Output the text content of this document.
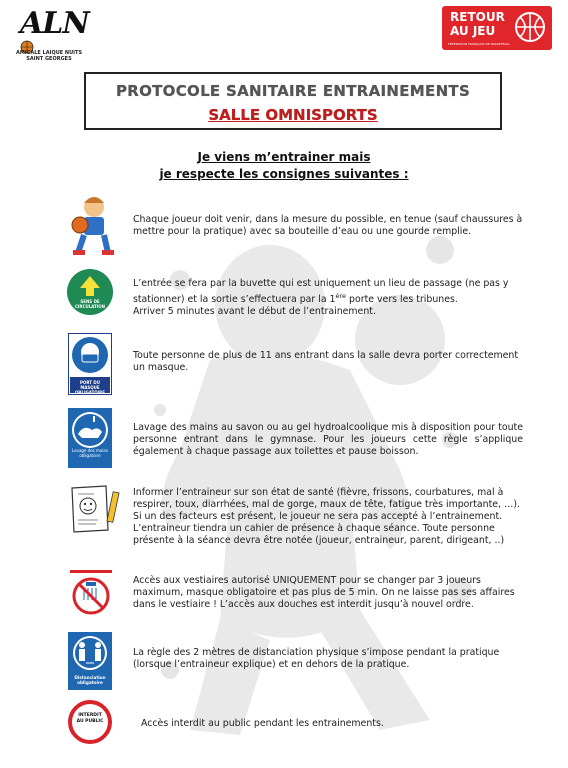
ALN
AMICALE LAIQUE NUITS SAINT GEORGES
RETOUR
AU JEU
FÉDÉRATION FRANÇAISE DE BASKETBALL
PROTOCOLE SANITAIRE ENTRAINEMENTS
SALLE OMNISPORTS
Je viens m’entrainer mais
je respecte les consignes suivantes :
Chaque joueur doit venir, dans la mesure du possible, en tenue (sauf chaussures à mettre pour la pratique) avec sa bouteille d’eau ou une gourde remplie.
SENS DE CIRCULATION
L’entrée se fera par la buvette qui est uniquement un lieu de passage (ne pas y stationner) et la sortie s’effectuera par la 1ère porte vers les tribunes.
Arriver 5 minutes avant le début de l’entrainement.
PORT DU MASQUE OBLIGATOIRE
Toute personne de plus de 11 ans entrant dans la salle devra porter correctement un masque.
Lavage des mains obligatoire
Lavage des mains au savon ou au gel hydroalcoolique mis à disposition pour toute personne entrant dans le gymnase. Pour les joueurs cette règle s’applique également à chaque passage aux toilettes et pause boisson.
Informer l’entraineur sur son état de santé (fièvre, frissons, courbatures, mal à respirer, toux, diarrhées, mal de gorge, maux de tête, fatigue très importante, …).
Si un des facteurs est présent, le joueur ne sera pas accepté à l’entrainement.
L’entraineur tiendra un cahier de présence à chaque séance. Toute personne présente à la séance devra être notée (joueur, entraineur, parent, dirigeant, ..)
Accès aux vestiaires autorisé UNIQUEMENT pour se changer par 3 joueurs maximum, masque obligatoire et pas plus de 5 min. On ne laisse pas ses affaires dans le vestiaire ! L’accès aux douches est interdit jusqu’à nouvel ordre.
Distanciation obligatoire
La règle des 2 mètres de distanciation physique s’impose pendant la pratique (lorsque l’entraineur explique) et en dehors de la pratique.
INTERDIT AU PUBLIC	Accès interdit au public pendant les entrainements.
